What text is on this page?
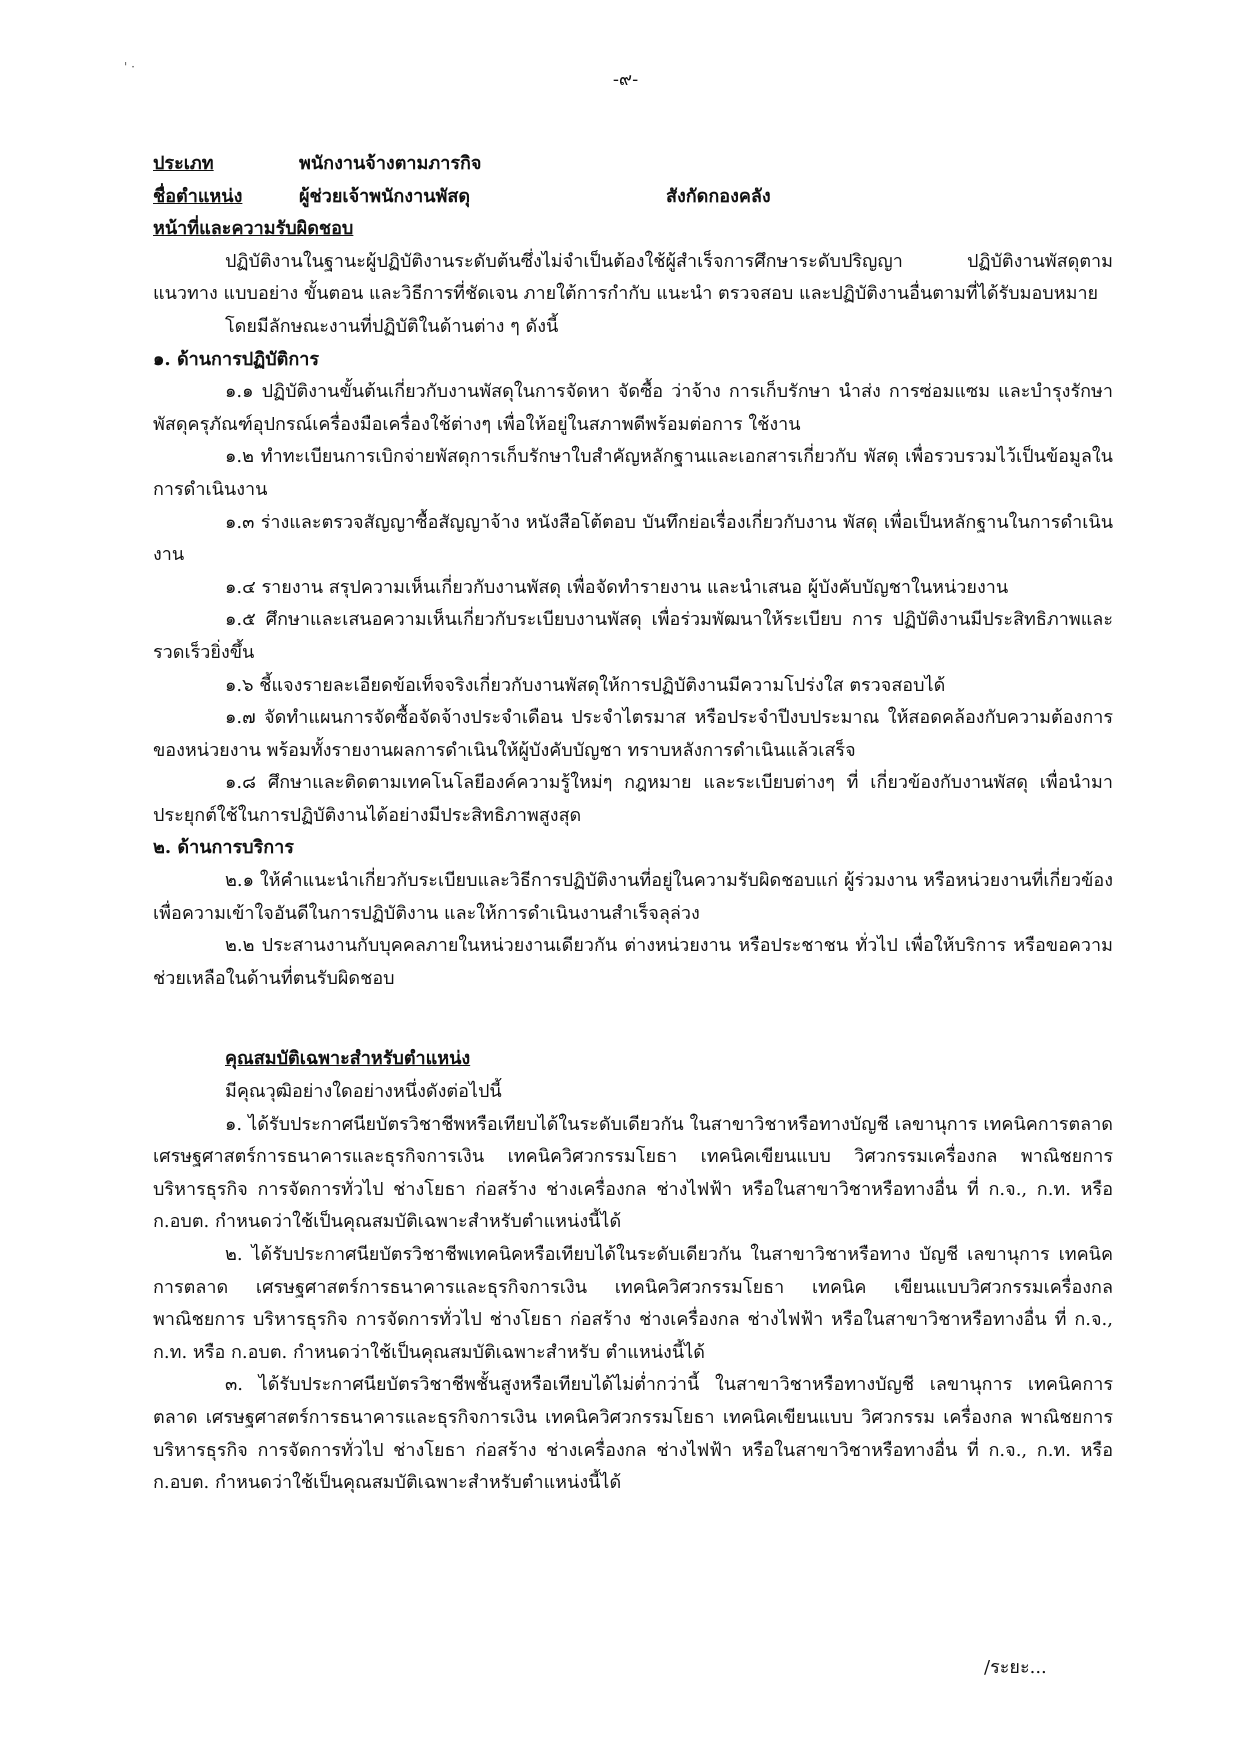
' ·
-๙-
ประเภท	พนักงานจ้างตามภารกิจ
ชื่อตำแหน่ง	ผู้ช่วยเจ้าพนักงานพัสดุ	สังกัดกองคลัง
หน้าที่และความรับผิดชอบ

ปฏิบัติงานในฐานะผู้ปฏิบัติงานระดับต้นซึ่งไม่จำเป็นต้องใช้ผู้สำเร็จการศึกษาระดับปริญญา ปฏิบัติงานพัสดุตามแนวทาง แบบอย่าง ขั้นตอน และวิธีการที่ชัดเจน ภายใต้การกำกับ แนะนำ ตรวจสอบ และปฏิบัติงานอื่นตามที่ได้รับมอบหมาย

โดยมีลักษณะงานที่ปฏิบัติในด้านต่าง ๆ ดังนี้

๑. ด้านการปฏิบัติการ

๑.๑ ปฏิบัติงานขั้นต้นเกี่ยวกับงานพัสดุในการจัดหา จัดซื้อ ว่าจ้าง การเก็บรักษา นำส่ง การซ่อมแซม และบำรุงรักษาพัสดุครุภัณฑ์อุปกรณ์เครื่องมือเครื่องใช้ต่างๆ เพื่อให้อยู่ในสภาพดีพร้อมต่อการ ใช้งาน

๑.๒ ทำทะเบียนการเบิกจ่ายพัสดุการเก็บรักษาใบสำคัญหลักฐานและเอกสารเกี่ยวกับ พัสดุ เพื่อรวบรวมไว้เป็นข้อมูลในการดำเนินงาน

๑.๓ ร่างและตรวจสัญญาซื้อสัญญาจ้าง หนังสือโต้ตอบ บันทึกย่อเรื่องเกี่ยวกับงาน พัสดุ เพื่อเป็นหลักฐานในการดำเนินงาน

๑.๔ รายงาน สรุปความเห็นเกี่ยวกับงานพัสดุ เพื่อจัดทำรายงาน และนำเสนอ ผู้บังคับบัญชาในหน่วยงาน

๑.๕ ศึกษาและเสนอความเห็นเกี่ยวกับระเบียบงานพัสดุ เพื่อร่วมพัฒนาให้ระเบียบ การ ปฏิบัติงานมีประสิทธิภาพและรวดเร็วยิ่งขึ้น

๑.๖ ชี้แจงรายละเอียดข้อเท็จจริงเกี่ยวกับงานพัสดุให้การปฏิบัติงานมีความโปร่งใส ตรวจสอบได้

๑.๗ จัดทำแผนการจัดซื้อจัดจ้างประจำเดือน ประจำไตรมาส หรือประจำปีงบประมาณ ให้สอดคล้องกับความต้องการของหน่วยงาน พร้อมทั้งรายงานผลการดำเนินให้ผู้บังคับบัญชา ทราบหลังการดำเนินแล้วเสร็จ

๑.๘ ศึกษาและติดตามเทคโนโลยีองค์ความรู้ใหม่ๆ กฎหมาย และระเบียบต่างๆ ที่ เกี่ยวข้องกับงานพัสดุ เพื่อนำมาประยุกต์ใช้ในการปฏิบัติงานได้อย่างมีประสิทธิภาพสูงสุด

๒. ด้านการบริการ

๒.๑ ให้คำแนะนำเกี่ยวกับระเบียบและวิธีการปฏิบัติงานที่อยู่ในความรับผิดชอบแก่ ผู้ร่วมงาน หรือหน่วยงานที่เกี่ยวข้อง เพื่อความเข้าใจอันดีในการปฏิบัติงาน และให้การดำเนินงานสำเร็จลุล่วง

๒.๒ ประสานงานกับบุคคลภายในหน่วยงานเดียวกัน ต่างหน่วยงาน หรือประชาชน ทั่วไป เพื่อให้บริการ หรือขอความช่วยเหลือในด้านที่ตนรับผิดชอบ

คุณสมบัติเฉพาะสำหรับตำแหน่ง
มีคุณวุฒิอย่างใดอย่างหนึ่งดังต่อไปนี้

๑. ได้รับประกาศนียบัตรวิชาชีพหรือเทียบได้ในระดับเดียวกัน ในสาขาวิชาหรือทางบัญชี เลขานุการ เทคนิคการตลาด เศรษฐศาสตร์การธนาคารและธุรกิจการเงิน เทคนิควิศวกรรมโยธา เทคนิคเขียนแบบ วิศวกรรมเครื่องกล พาณิชยการ บริหารธุรกิจ การจัดการทั่วไป ช่างโยธา ก่อสร้าง ช่างเครื่องกล ช่างไฟฟ้า หรือในสาขาวิชาหรือทางอื่น ที่ ก.จ., ก.ท. หรือ ก.อบต. กำหนดว่าใช้เป็นคุณสมบัติเฉพาะสำหรับตำแหน่งนี้ได้

๒. ได้รับประกาศนียบัตรวิชาชีพเทคนิคหรือเทียบได้ในระดับเดียวกัน ในสาขาวิชาหรือทาง บัญชี เลขานุการ เทคนิคการตลาด เศรษฐศาสตร์การธนาคารและธุรกิจการเงิน เทคนิควิศวกรรมโยธา เทคนิค เขียนแบบวิศวกรรมเครื่องกล พาณิชยการ บริหารธุรกิจ การจัดการทั่วไป ช่างโยธา ก่อสร้าง ช่างเครื่องกล ช่างไฟฟ้า หรือในสาขาวิชาหรือทางอื่น ที่ ก.จ., ก.ท. หรือ ก.อบต. กำหนดว่าใช้เป็นคุณสมบัติเฉพาะสำหรับ ตำแหน่งนี้ได้

๓. ได้รับประกาศนียบัตรวิชาชีพชั้นสูงหรือเทียบได้ไม่ต่ำกว่านี้ ในสาขาวิชาหรือทางบัญชี เลขานุการ เทคนิคการตลาด เศรษฐศาสตร์การธนาคารและธุรกิจการเงิน เทคนิควิศวกรรมโยธา เทคนิคเขียนแบบ วิศวกรรม เครื่องกล พาณิชยการ บริหารธุรกิจ การจัดการทั่วไป ช่างโยธา ก่อสร้าง ช่างเครื่องกล ช่างไฟฟ้า หรือในสาขาวิชาหรือทางอื่น ที่ ก.จ., ก.ท. หรือ ก.อบต. กำหนดว่าใช้เป็นคุณสมบัติเฉพาะสำหรับตำแหน่งนี้ได้

/ระยะ...
